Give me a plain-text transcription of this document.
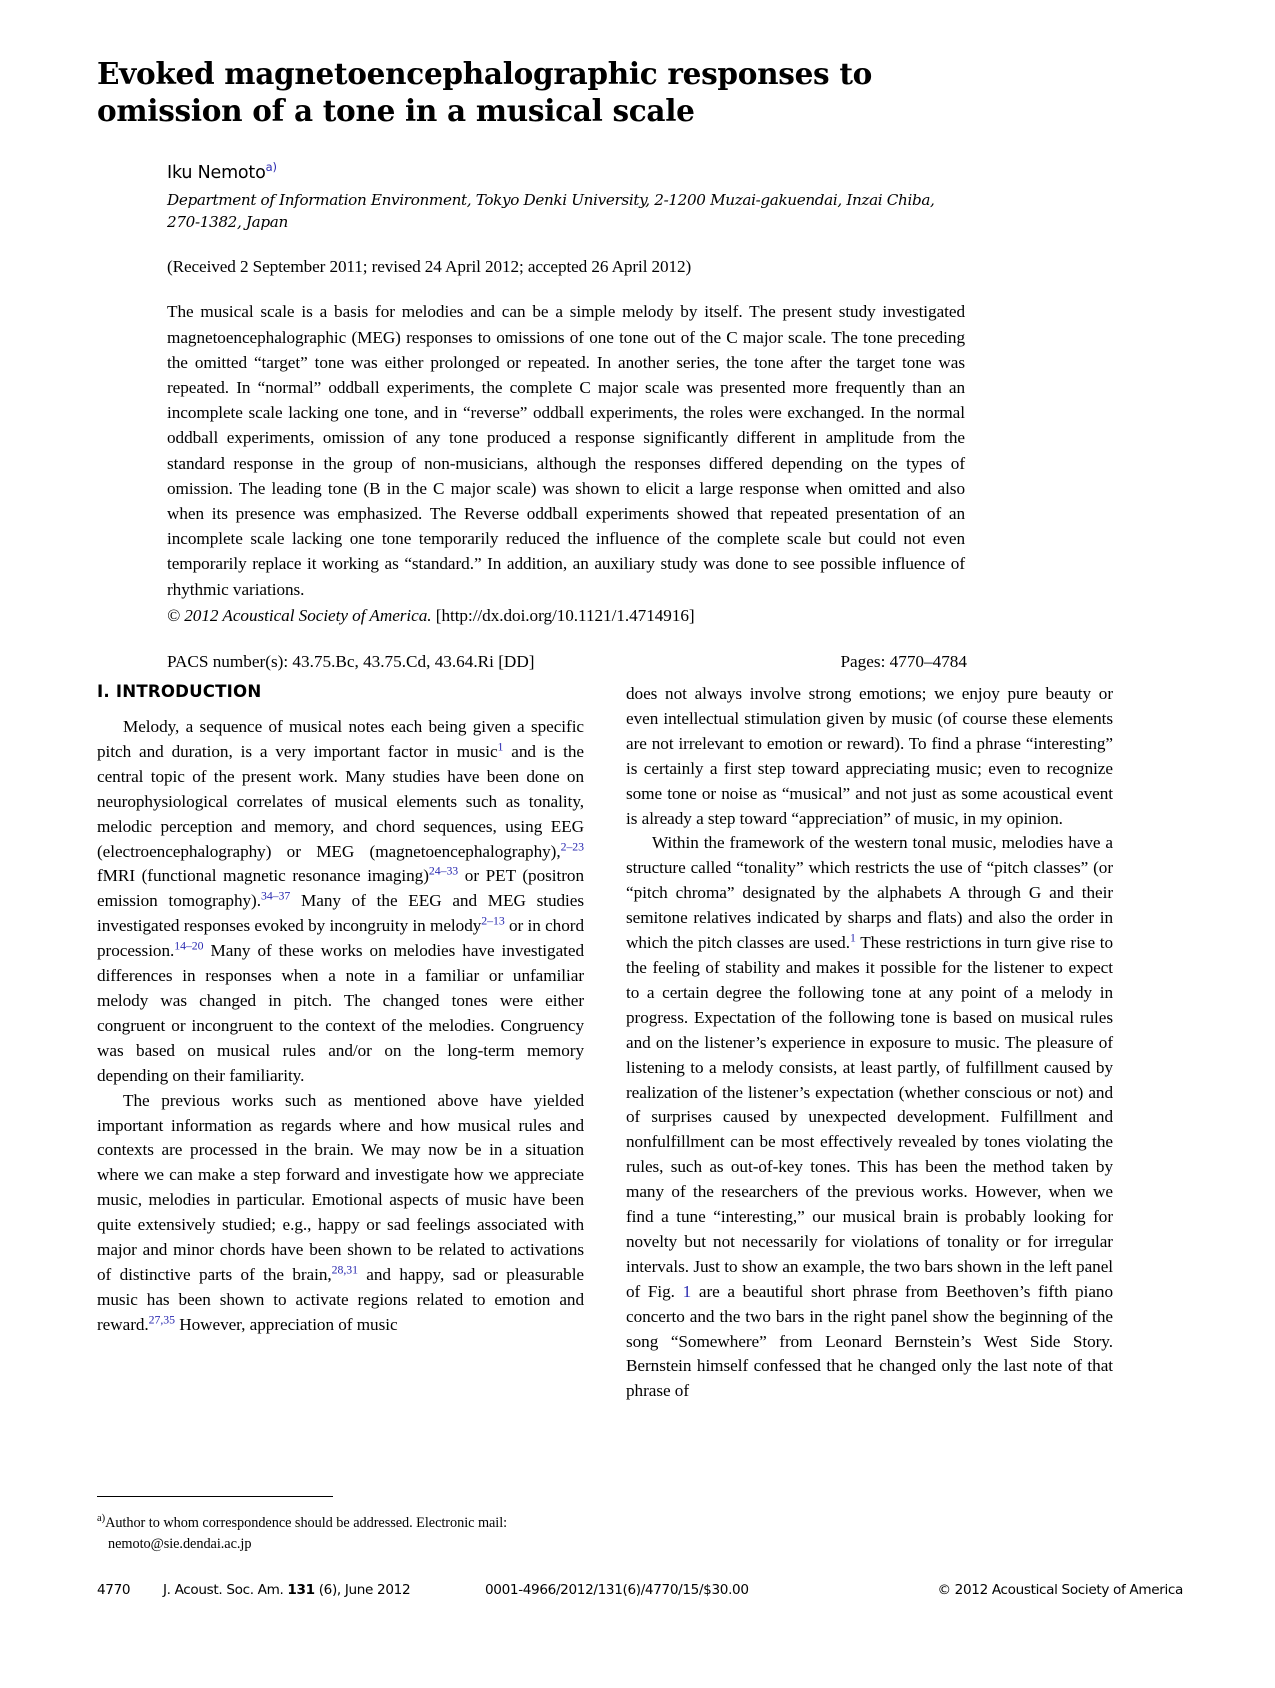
Evoked magnetoencephalographic responses to omission of a tone in a musical scale
Iku Nemoto$^{a)}$
Department of Information Environment, Tokyo Denki University, 2-1200 Muzai-gakuendai, Inzai Chiba, 270-1382, Japan
(Received 2 September 2011; revised 24 April 2012; accepted 26 April 2012)
The musical scale is a basis for melodies and can be a simple melody by itself. The present study investigated magnetoencephalographic (MEG) responses to omissions of one tone out of the C major scale. The tone preceding the omitted “target” tone was either prolonged or repeated. In another series, the tone after the target tone was repeated. In “normal” oddball experiments, the complete C major scale was presented more frequently than an incomplete scale lacking one tone, and in “reverse” oddball experiments, the roles were exchanged. In the normal oddball experiments, omission of any tone produced a response significantly different in amplitude from the standard response in the group of non-musicians, although the responses differed depending on the types of omission. The leading tone (B in the C major scale) was shown to elicit a large response when omitted and also when its presence was emphasized. The Reverse oddball experiments showed that repeated presentation of an incomplete scale lacking one tone temporarily reduced the influence of the complete scale but could not even temporarily replace it working as “standard.” In addition, an auxiliary study was done to see possible influence of rhythmic variations.
© 2012 Acoustical Society of America. [http://dx.doi.org/10.1121/1.4714916]
PACS number(s): 43.75.Bc, 43.75.Cd, 43.64.Ri [DD]	Pages: 4770–4784
I. INTRODUCTION

Melody, a sequence of musical notes each being given a specific pitch and duration, is a very important factor in music$^1$ and is the central topic of the present work. Many studies have been done on neurophysiological correlates of musical elements such as tonality, melodic perception and memory, and chord sequences, using EEG (electroencephalography) or MEG (magnetoencephalography),$^{2-23}$ fMRI (functional magnetic resonance imaging)$^{24-33}$ or PET (positron emission tomography).$^{34-37}$ Many of the EEG and MEG studies investigated responses evoked by incongruity in melody$^{2-13}$ or in chord procession.$^{14-20}$ Many of these works on melodies have investigated differences in responses when a note in a familiar or unfamiliar melody was changed in pitch. The changed tones were either congruent or incongruent to the context of the melodies. Congruency was based on musical rules and/or on the long-term memory depending on their familiarity.

The previous works such as mentioned above have yielded important information as regards where and how musical rules and contexts are processed in the brain. We may now be in a situation where we can make a step forward and investigate how we appreciate music, melodies in particular. Emotional aspects of music have been quite extensively studied; e.g., happy or sad feelings associated with major and minor chords have been shown to be related to activations of distinctive parts of the brain,$^{28,31}$ and happy, sad or pleasurable music has been shown to activate regions related to emotion and reward.$^{27,35}$ However, appreciation of music

does not always involve strong emotions; we enjoy pure beauty or even intellectual stimulation given by music (of course these elements are not irrelevant to emotion or reward). To find a phrase “interesting” is certainly a first step toward appreciating music; even to recognize some tone or noise as “musical” and not just as some acoustical event is already a step toward “appreciation” of music, in my opinion.

Within the framework of the western tonal music, melodies have a structure called “tonality” which restricts the use of “pitch classes” (or “pitch chroma” designated by the alphabets A through G and their semitone relatives indicated by sharps and flats) and also the order in which the pitch classes are used.$^1$ These restrictions in turn give rise to the feeling of stability and makes it possible for the listener to expect to a certain degree the following tone at any point of a melody in progress. Expectation of the following tone is based on musical rules and on the listener’s experience in exposure to music. The pleasure of listening to a melody consists, at least partly, of fulfillment caused by realization of the listener’s expectation (whether conscious or not) and of surprises caused by unexpected development. Fulfillment and nonfulfillment can be most effectively revealed by tones violating the rules, such as out-of-key tones. This has been the method taken by many of the researchers of the previous works. However, when we find a tune “interesting,” our musical brain is probably looking for novelty but not necessarily for violations of tonality or for irregular intervals. Just to show an example, the two bars shown in the left panel of Fig. 1 are a beautiful short phrase from Beethoven’s fifth piano concerto and the two bars in the right panel show the beginning of the song “Somewhere” from Leonard Bernstein’s West Side Story. Bernstein himself confessed that he changed only the last note of that phrase of

$^{a)}$Author to whom correspondence should be addressed. Electronic mail:
nemoto@sie.dendai.ac.jp
4770	J. Acoust. Soc. Am. 131 (6), June 2012	0001-4966/2012/131(6)/4770/15/$30.00	© 2012 Acoustical Society of America
